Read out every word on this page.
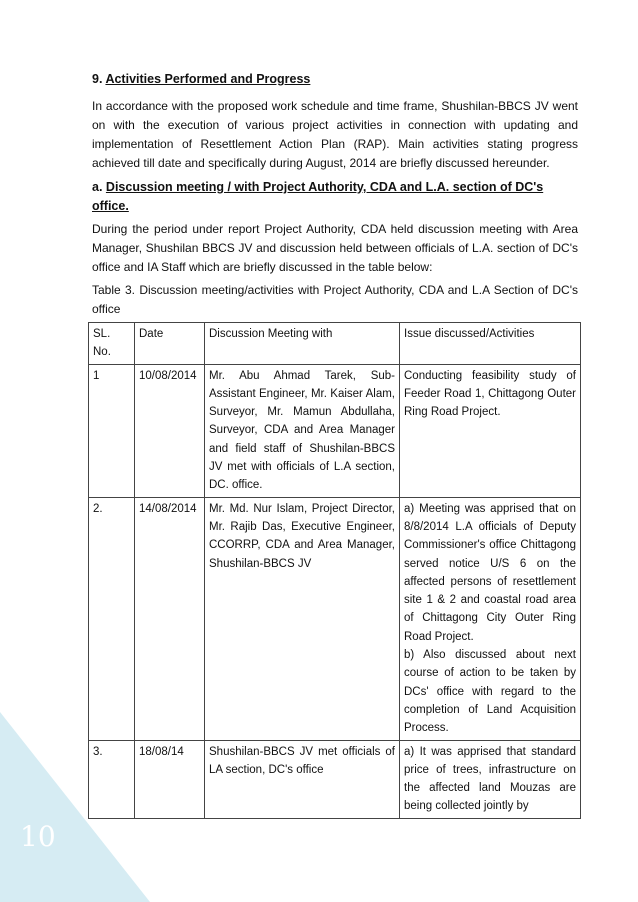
10
9. Activities Performed and Progress

In accordance with the proposed work schedule and time frame, Shushilan-BBCS JV went on with the execution of various project activities in connection with updating and implementation of Resettlement Action Plan (RAP). Main activities stating progress achieved till date and specifically during August, 2014 are briefly discussed hereunder.

a. Discussion meeting / with Project Authority, CDA and L.A. section of DC's office.

During the period under report Project Authority, CDA held discussion meeting with Area Manager, Shushilan BBCS JV and discussion held between officials of L.A. section of DC's office and IA Staff which are briefly discussed in the table below:

Table 3. Discussion meeting/activities with Project Authority, CDA and L.A Section of DC's office

SL. No.	Date	Discussion Meeting with	Issue discussed/Activities
1	10/08/2014	Mr. Abu Ahmad Tarek, Sub-Assistant Engineer, Mr. Kaiser Alam, Surveyor, Mr. Mamun Abdullaha, Surveyor, CDA and Area Manager and field staff of Shushilan-BBCS JV met with officials of L.A section, DC. office.	Conducting feasibility study of Feeder Road 1, Chittagong Outer Ring Road Project.

2.	14/08/2014	Mr. Md. Nur Islam, Project Director, Mr. Rajib Das, Executive Engineer, CCORRP, CDA and Area Manager, Shushilan-BBCS JV	a) Meeting was apprised that on 8/8/2014 L.A officials of Deputy Commissioner's office Chittagong served notice U/S 6 on the affected persons of resettlement site 1 & 2 and coastal road area of Chittagong City Outer Ring Road Project.
b) Also discussed about next course of action to be taken by DCs' office with regard to the completion of Land Acquisition Process.

3.	18/08/14	Shushilan-BBCS JV met officials of LA section, DC's office	a) It was apprised that standard price of trees, infrastructure on the affected land Mouzas are being collected jointly by
